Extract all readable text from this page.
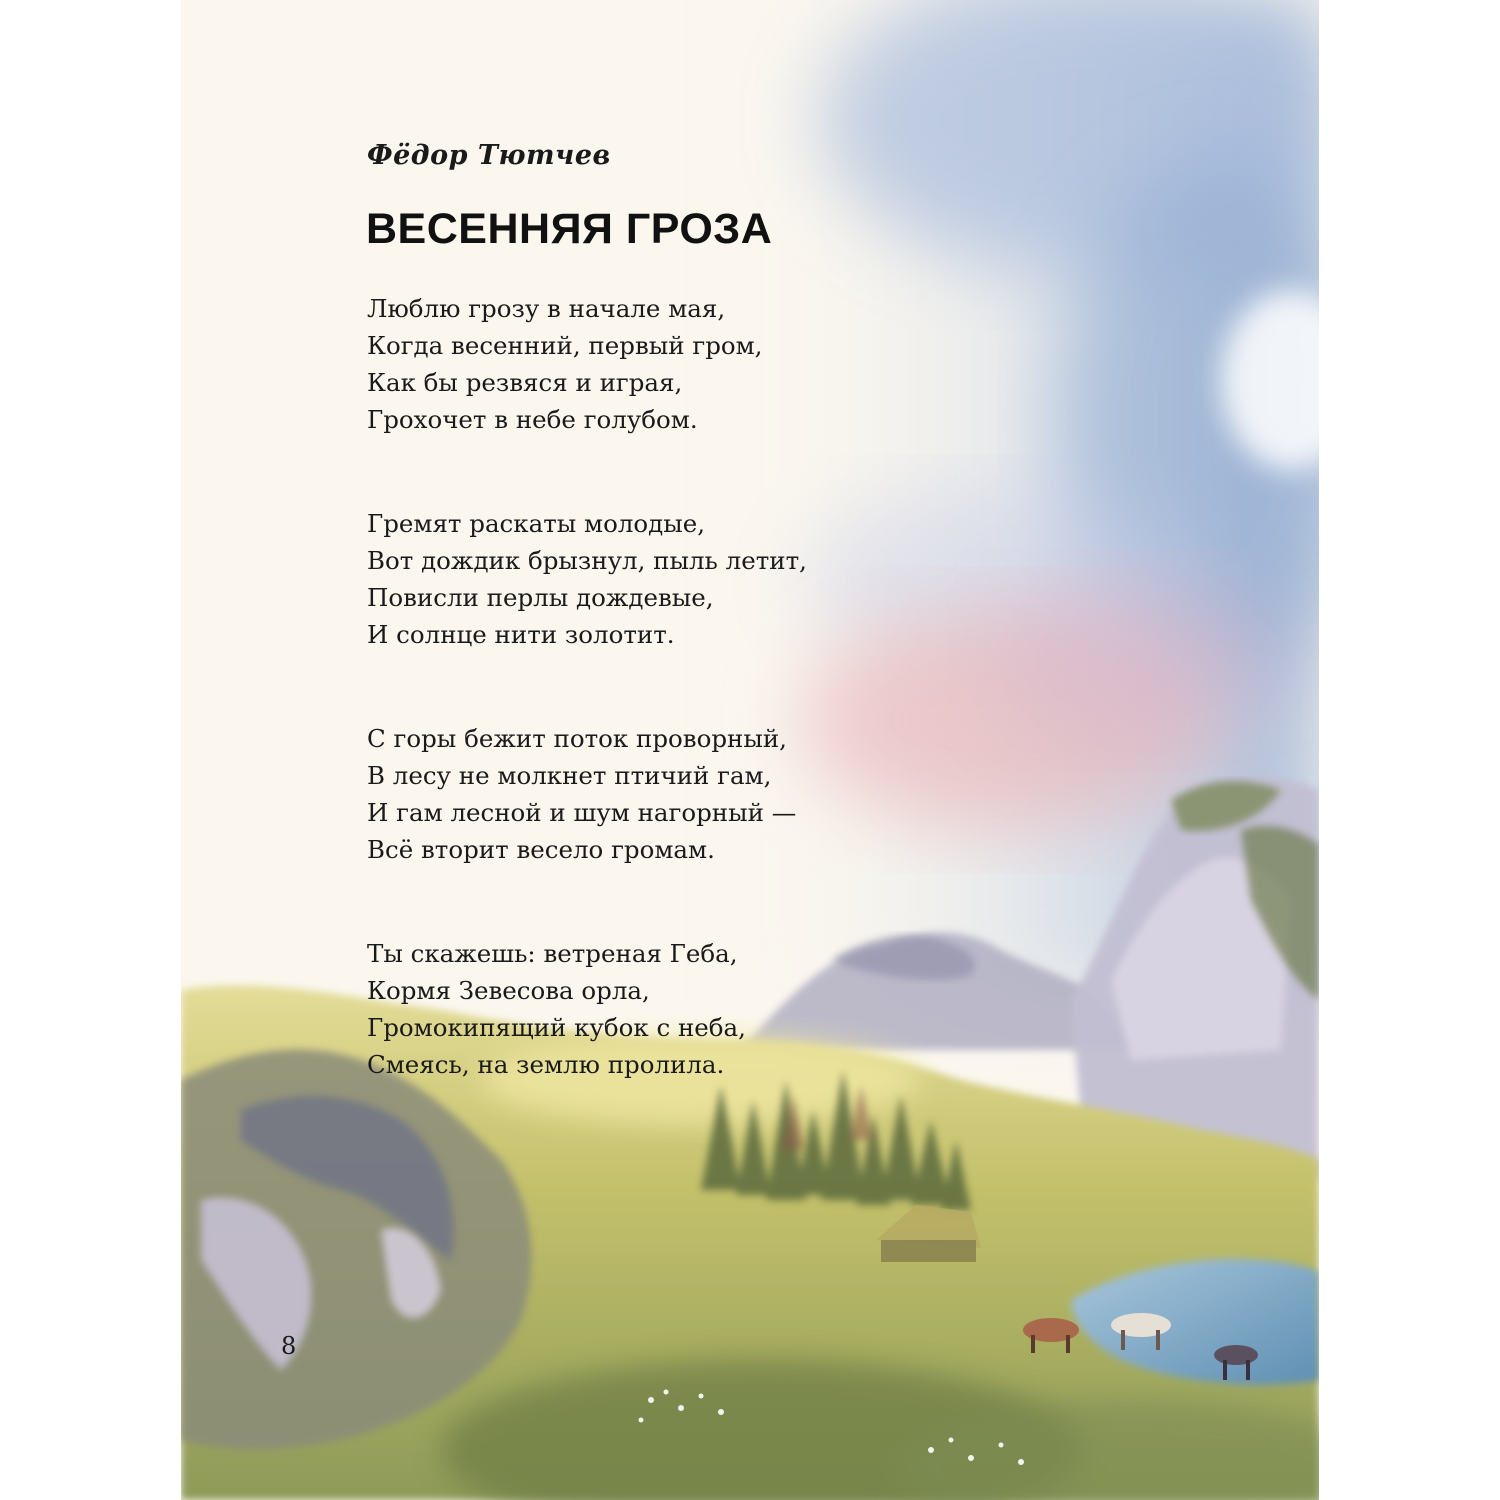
Фёдор Тютчев

ВЕСЕННЯЯ ГРОЗА
Люблю грозу в начале мая,
Когда весенний, первый гром,
Как бы резвяся и играя,
Грохочет в небе голубом.
Гремят раскаты молодые,
Вот дождик брызнул, пыль летит,
Повисли перлы дождевые,
И солнце нити золотит.
С горы бежит поток проворный,
В лесу не молкнет птичий гам,
И гам лесной и шум нагорный —
Всё вторит весело громам.
Ты скажешь: ветреная Геба,
Кормя Зевесова орла,
Громокипящий кубок с неба,
Смеясь, на землю пролила.
8
